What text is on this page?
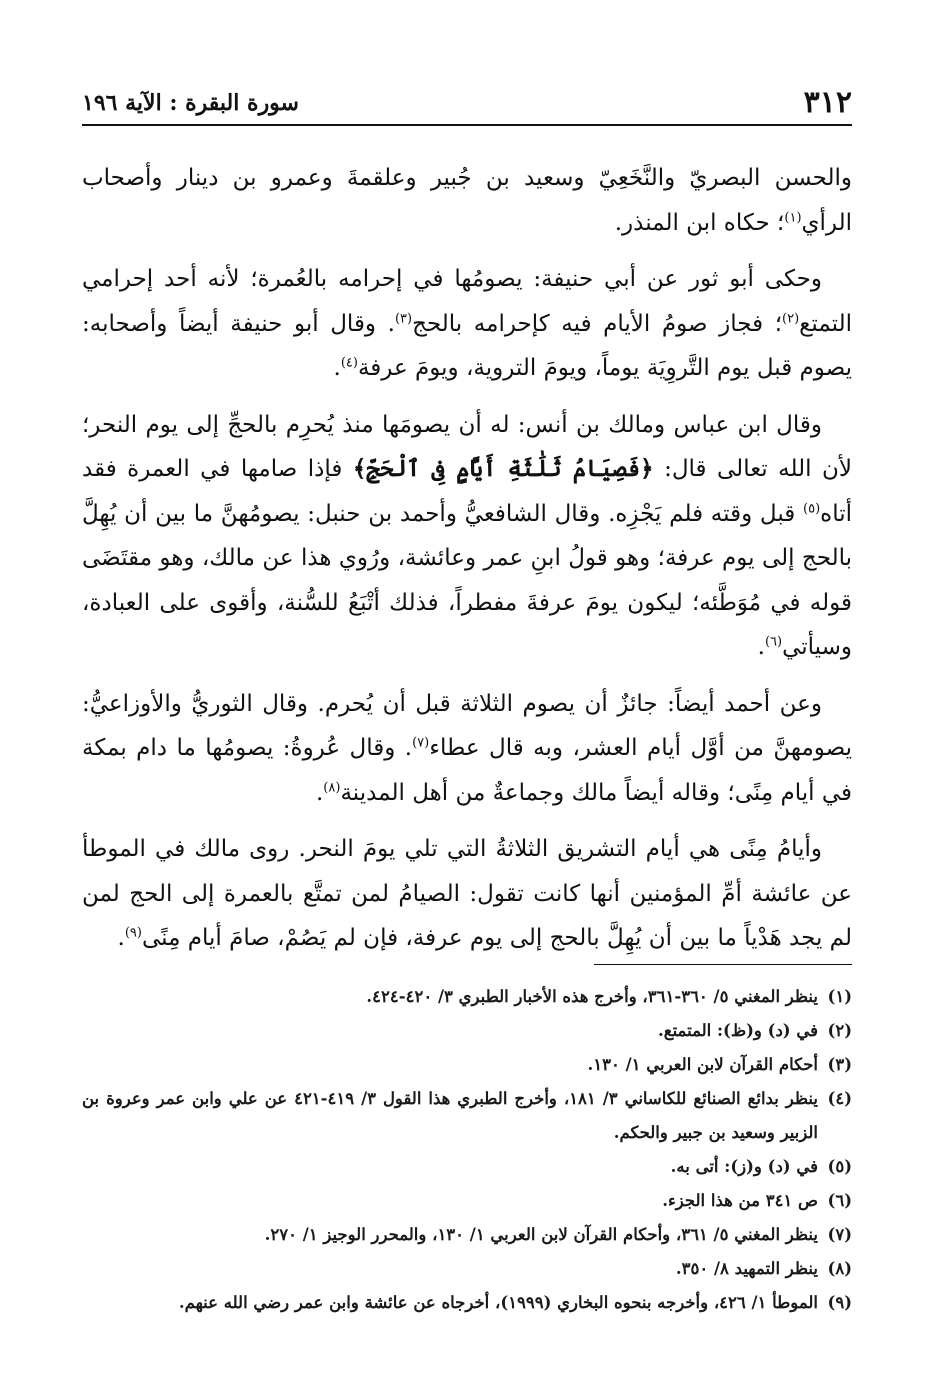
٣١٢
سورة البقرة : الآية ١٩٦

والحسن البصريّ والنَّخَعِيّ وسعيد بن جُبير وعلقمةَ وعمرو بن دينار وأصحاب الرأي$^{(١)}$؛ حكاه ابن المنذر.

وحكى أبو ثور عن أبي حنيفة: يصومُها في إحرامه بالعُمرة؛ لأنه أحد إحرامي التمتع$^{(٢)}$؛ فجاز صومُ الأيام فيه كإحرامه بالحج$^{(٣)}$. وقال أبو حنيفة أيضاً وأصحابه: يصوم قبل يوم التَّروِيَة يوماً، ويومَ التروية، ويومَ عرفة$^{(٤)}$.

وقال ابن عباس ومالك بن أنس: له أن يصومَها منذ يُحرِم بالحجِّ إلى يوم النحر؛ لأن الله تعالى قال: ﴿فَصِيَامُ ثَلَٰثَةِ أَيَّامٍ فِى ٱلْحَجِّ﴾ فإذا صامها في العمرة فقد أتاه$^{(٥)}$ قبل وقته فلم يَجْزِه. وقال الشافعيُّ وأحمد بن حنبل: يصومُهنَّ ما بين أن يُهِلَّ بالحج إلى يوم عرفة؛ وهو قولُ ابنِ عمر وعائشة، ورُوي هذا عن مالك، وهو مقتَضَى قوله في مُوَطَّئه؛ ليكون يومَ عرفةَ مفطراً، فذلك أتْبَعُ للسُّنة، وأقوى على العبادة، وسيأتي$^{(٦)}$.

وعن أحمد أيضاً: جائزٌ أن يصوم الثلاثة قبل أن يُحرم. وقال الثوريُّ والأوزاعيُّ: يصومهنَّ من أوَّل أيام العشر، وبه قال عطاء$^{(٧)}$. وقال عُروةُ: يصومُها ما دام بمكة في أيام مِنًى؛ وقاله أيضاً مالك وجماعةٌ من أهل المدينة$^{(٨)}$.

وأيامُ مِنًى هي أيام التشريق الثلاثةُ التي تلي يومَ النحر. روى مالك في الموطأ عن عائشة أمِّ المؤمنين أنها كانت تقول: الصيامُ لمن تمتَّع بالعمرة إلى الحج لمن لم يجد هَدْياً ما بين أن يُهِلَّ بالحج إلى يوم عرفة، فإن لم يَصُمْ، صامَ أيام مِنًى$^{(٩)}$.

(١)
ينظر المغني ٥/ ٣٦٠-٣٦١، وأخرج هذه الأخبار الطبري ٣/ ٤٢٠-٤٢٤.
(٢)
في (د) و(ظ): المتمتع.
(٣)
أحكام القرآن لابن العربي ١/ ١٣٠.
(٤)
ينظر بدائع الصنائع للكاساني ٣/ ١٨١، وأخرج الطبري هذا القول ٣/ ٤١٩-٤٢١ عن علي وابن عمر وعروة بن الزبير وسعيد بن جبير والحكم.
(٥)
في (د) و(ز): أتى به.
(٦)
ص ٣٤١ من هذا الجزء.
(٧)
ينظر المغني ٥/ ٣٦١، وأحكام القرآن لابن العربي ١/ ١٣٠، والمحرر الوجيز ١/ ٢٧٠.
(٨)
ينظر التمهيد ٨/ ٣٥٠.
(٩)
الموطأ ١/ ٤٢٦، وأخرجه بنحوه البخاري (١٩٩٩)، أخرجاه عن عائشة وابن عمر رضي الله عنهم.
